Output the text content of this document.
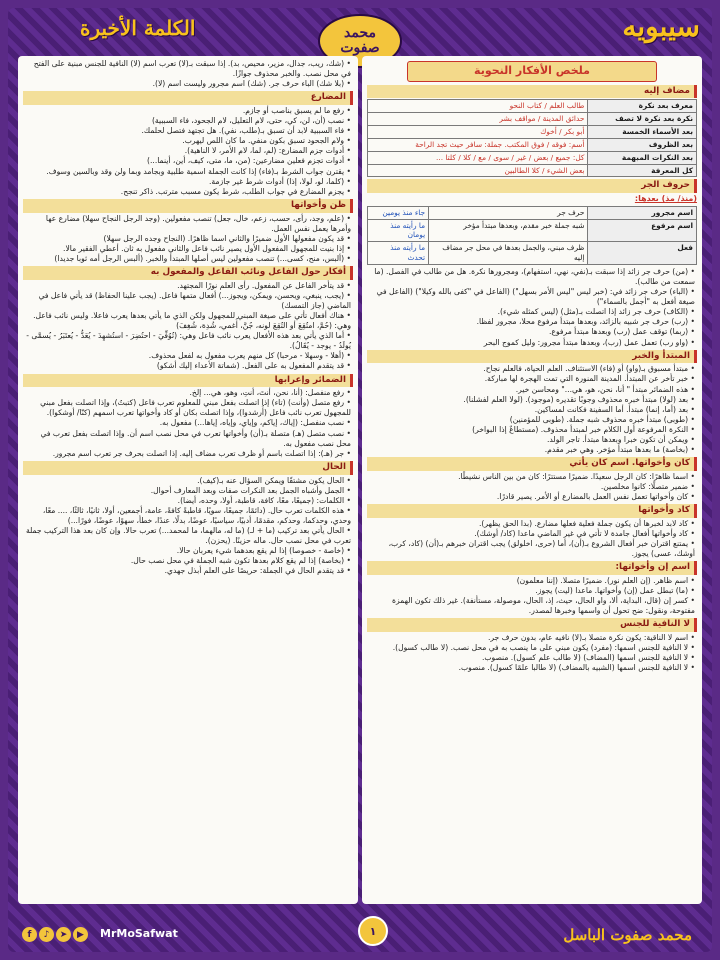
سيبويه
محمد
صفوت
الكلمة الأخيرة
ملخص الأفكار النحوية
مضاف إليه
معرف بعد نكرة	طالب العلم / كتاب النحو
نكرة بعد نكرة لا تصف	حدائق المدينة / مواقف بشر
بعد الأسماء الخمسة	أبو بكر / أخوك
بعد الظروف	أسم: فوقه / فوق المكتب. جملة: سافر حيث تجد الراحة
بعد النكرات المبهمة	كل: جميع / بعض / غير / سوى / مع / كلا / كلتا ...
كل المعرفة	بعض الشيء / كلا الطالبين
حروف الجر
(منذ/ مذ) بعدها:
اسم مجرور	حرف جر	جاء منذ يومين
اسم مرفوع	شبه جملة خبر مقدم، وبعدها مبتدأ مؤخر	ما رأيته منذ يومان
فعل	ظرف مبني، والجمل بعدها في محل جر مضاف إليه	ما رأيته منذ تحدث

• (من) حرف جر زائد إذا سبقت بـ(نفي، نهي، استفهام)، ومجرورها نكرة. هل من طالب في الفصل. (ما سمعت من طالب).

• (الباء) حرف جر زائد في: (خبر ليس "ليس الأمر بسهل") (الفاعل في "كفى بالله وكيلا") (الفاعل في صيغة أفعل به "أجمل بالسماء")

• (الكاف) حرف جر زائد إذا اتصلت بـ(مثل) (ليس كمثله شيء).

• (رب) حرف جر شبيه بالزائد، وبعدها مبتدأ مرفوع محلا، مجرور لفظا.

• (ربما) توقف عمل (رب) وبعدها مبتدأ مرفوع.

• (واو رب) تعمل عمل (رب)، وبعدها مبتدأ مجرور: وليل كموج البحر

المبتدأ والخبر

• مبتدأ مسبوق بـ(واو) أو (فاء) الاستئناف. العلم الحياة، فالعلم نجاح.

• خبر تأخر عن المبتدأ. المدينة المنورة التي تمت الهجرة لها مباركة.

• هذه الضمائر مبتدأ " أنا، نحن، هو، هي..." ومحاسن خير.

• بعد (لولا) مبتدأ خبره محذوف وجوبًا تقديره (موجود). (لولا العلم لفشلنا).

• بعد (أما، إنما) مبتدأ. أما السفينة فكانت لمساكين.

• (طوبى) مبتدأ خبره محذوف شبه جملة. (طوبى للمؤمنين)

• النكرة المرفوعة أول الكلام خبر لمبتدأ محذوف. (مستطاعٌ إذا البواخر)

• ويمكن أن تكون خبرا وبعدها مبتدأ. تاجر الولد.

• (بخاصة) ما بعدها مبتدأ مؤخر. وهي خبر مقدم.

كان وأخواتها. اسم كان يأتي

• اسما ظاهرًا: كان الرجل سعيدًا. ضميرًا مستترًا: كان من بين الناس نشيطًا.

• ضمير متصلًا: كانوا مخلصين.

• كان وأخواتها تعمل نفس العمل بالمضارع أو الأمر. يصير قادرًا.

كاد وأخواتها

• كاد لابد لخبرها أن يكون جملة فعلية فعلها مضارع. (بدا الحق يظهر).

• كاد وأخواتها أفعال جامدة لا تأتي في غير الماضي ماعدا (كاد/ أوشك).

• يمتنع اقتران خبر أفعال الشروع بـ(أن)، أما (حرى، اخلولق) يجب اقتران خبرهم بـ(أن) (كاد، كرب، أوشك، عسى) يجوز.

اسم إن وأخواتها:

• اسم ظاهر. (إن العلم نور). ضميرًا متصلا. (إننا معلمون)

• (ما) تبطل عمل (إن) وأخواتها. ماعدا (ليت) يجوز.

• كسر إن (قال، البداية، ألا، واو الحال، حيث، إذ، الحال، موصولة، مستأنفة). غير ذلك تكون الهمزة مفتوحة، ونقول: ضح تحول أن واسمها وخبرها لمصدر.

لا النافية للجنس

• اسم لا الناقية: يكون نكرة متصلا بـ(لا) نافيه عام، بدون حرف جر.

• لا النافية للجنس اسمها: (مفرد) يكون مبني على ما ينصب به في محل نصب. (لا طالب كسول).

• لا النافية للجنس اسمها (المضاف) (لا طالب علم كسول). منصوب.

• لا النافية للجنس اسمها (الشبيه بالمضاف) (لا طالبا علمًا كسول). منصوب.

• (شك، ريب، جدال، مزير، محيص، بد). إذا سبقت بـ(لا) تعرب اسم (لا) النافية للجنس مبنية على الفتح في محل نصب. والخبر محذوف جوازًا.

• (بلا شك) الباء حرف جر. (شك) اسم مجرور وليست اسم (لا).

المضارع

• رفع ما لم يسبق بناصب أو جازم.

• نصب (أن، لن، كي، حتى، لام التعليل، لام الجحود، فاء السببية)

• فاء السببية لابد أن تسبق بـ(طلب، نفي). هل تجتهد فتصل لحلمك.

• ولام الجحود تسبق بكون منفي. ما كان اللص ليهرب.

• أدوات جزم المضارع: (لم، لما، لام الأمر، لا الناهية).

• أدوات تجزم فعلين مضارعين: (من، ما، متى، كيف، أين، أينما...)

• يقترن جواب الشرط بـ(فاء) إذا كانت الجملة اسمية طلبية وبجامد وبما ولن وقد وبالسين وسوف.

• (كلما، لو، لولا، إذا) أدوات شرط غير جازمة.

• يجزم المضارع في جواب الطلب، شرط يكون مسبب مترتب. ذاكر تنجح.

ظن وأخواتها

• (علم، وجد، رأى، حسب، زعم، خال، جعل) تنصب مفعولين. (وجد الرجل النجاح سهلا) مضارع عها وأمرها يعمل نفس العمل.

• قد يكون مفعولها الأول ضميرًا والثاني اسما ظاهرًا. (النجاح وجده الرجل سهلا)

• إذا بنيت للمجهول المفعول الأول يصير نائب فاعل والثاني مفعول به ثان. أعطي الفقير مالا.

• (ألبس، منح، كسى...) تنصب مفعولين ليس أصلها المبتدأ والخبر. (ألبس الرجل أمه ثوبا جديدا)

أفكار حول الفاعل ونائب الفاعل والمفعول به

• قد يتأخر الفاعل عن المفعول. رأى العلم نورًا المجتهد.

• (يجب، ينبغي، ويحسن، ويمكن، ويجوز...) أفعال متمها فاعل. (يجب علينا الحفاظ) قد يأتي فاعل في الماضي (جاز التمسك)

• هناك أفعال تأتي على صيغة المبني للمجهول ولكن الذي ما يأتي بعدها يعرب فاعلا. وليس نائب فاعل. وهي: (حُمَّ، امتُقِعَ أو التُقِعَ لونه، جُنَّ، أُغمي، شُدِهَ، شُغِفَ)

• أما الذي يأتي بعد هذه الأفعال يعرب نائب فاعل وهي: (تُوُفِّيَ - احتُضِرَ - استُشهِدَ - يُعَدُّ - يُعتَبَرُ - يُسمَّى - يُولَدُ - يوجد - يُقَالُ).

• (أهلا - وسهلا - مرحبا) كل منهم يعرب مفعول به لفعل محذوف.

• قد يتقدم المفعول به على الفعل. (شماتة الأعداء إليك أشكو)

الضمائر وإعرابها

• رفع منفصل: (أنا، نحن، أنتَ، أنتِ، وهو، هي... إلخ.

• رفع متصل (وأنت) (تاء) إذا اتصلت بفعل مبني للمعلوم تعرب فاعل (كتبتُ)، وإذا اتصلت بفعل مبني للمجهول تعرب نائب فاعل (أُرشدوا)، وإذا اتصلت بكان أو كاد وأخواتها تعرب اسمهم (كنّا/ أوشكوا).

• نصب منفصل: (إياك، إياكم، وإياي، وإياه، إياها...) مفعول به.

• نصب متصل (هـ) متصلة بـ(أن) وأخواتها تعرب في محل نصب اسم أن. وإذا اتصلت بفعل تعرب في محل نصب مفعول به.

• جر (هـ): إذا اتصلت باسم أو ظرف تعرب مضاف إليه. إذا اتصلت بحرف جر تعرب اسم مجرور.

الحال

• الحال يكون مشتقًا ويمكن السؤال عنه بـ(كيف).

• الجمل وأشباه الجمل بعد النكرات صفات وبعد المعارف أحوال.

• الكلمات: (جميعًا، معًا، كافة، قاطبة، أولا، وحده، أيضا).

• هذه الكلمات تعرب حال. (دائمًا، جميعًا، سويًا، قاطبةً كافةً، عامة، أجمعين، أولا، ثانيًا، ثالثًا، .... معًا، وحدي، وحدكما، وحدكم، مقدمًا، أدبيًا، سياسيًا، عوضًا، بدلًا، عندًا، خطأ، سهوًا، عوضًا، فورًا...)

• الحال يأتي بعد تركيب (ما + لـ) (ما له، مالهما، ما لمحمد...) تعرب حالا. وإن كان بعد هذا التركيب جملة تعرب في محل نصب حال. ماله حزينًا. (يحزن).

• (خاصة - خصوصا) إذا لم يقع بعدهما شيء يعربان حالا.

• (بخاصة) إذا لم يقع كلام بعدها تكون شبه الجملة في محل نصب حال.

• قد يتقدم الحال في الجملة: حريصًا على العلم أبذل جهدي.

محمد صفوت الباسل
١
MrMoSafwat
f	♪	➤	▶
